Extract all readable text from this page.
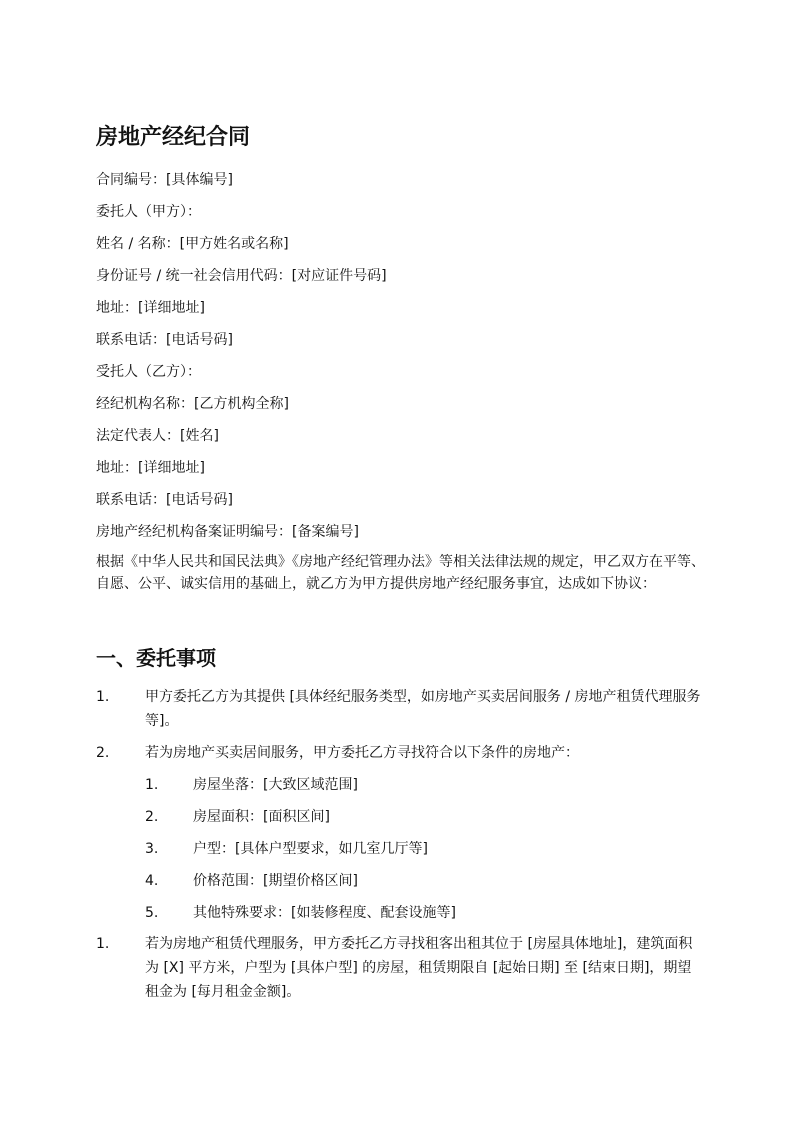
房地产经纪合同
合同编号：[具体编号]
委托人（甲方）：
姓名 / 名称：[甲方姓名或名称]
身份证号 / 统一社会信用代码：[对应证件号码]
地址：[详细地址]
联系电话：[电话号码]
受托人（乙方）：
经纪机构名称：[乙方机构全称]
法定代表人：[姓名]
地址：[详细地址]
联系电话：[电话号码]
房地产经纪机构备案证明编号：[备案编号]
根据《中华人民共和国民法典》《房地产经纪管理办法》等相关法律法规的规定，甲乙双方在平等、自愿、公平、诚实信用的基础上，就乙方为甲方提供房地产经纪服务事宜，达成如下协议：
一、委托事项
1.	甲方委托乙方为其提供 [具体经纪服务类型，如房地产买卖居间服务 / 房地产租赁代理服务等]。
2.	若为房地产买卖居间服务，甲方委托乙方寻找符合以下条件的房地产：
1. 房屋坐落：[大致区域范围]
2. 房屋面积：[面积区间]
3. 户型：[具体户型要求，如几室几厅等]
4. 价格范围：[期望价格区间]
5. 其他特殊要求：[如装修程度、配套设施等]
1.	若为房地产租赁代理服务，甲方委托乙方寻找租客出租其位于 [房屋具体地址]，建筑面积为 [X] 平方米，户型为 [具体户型] 的房屋，租赁期限自 [起始日期] 至 [结束日期]，期望租金为 [每月租金金额]。
